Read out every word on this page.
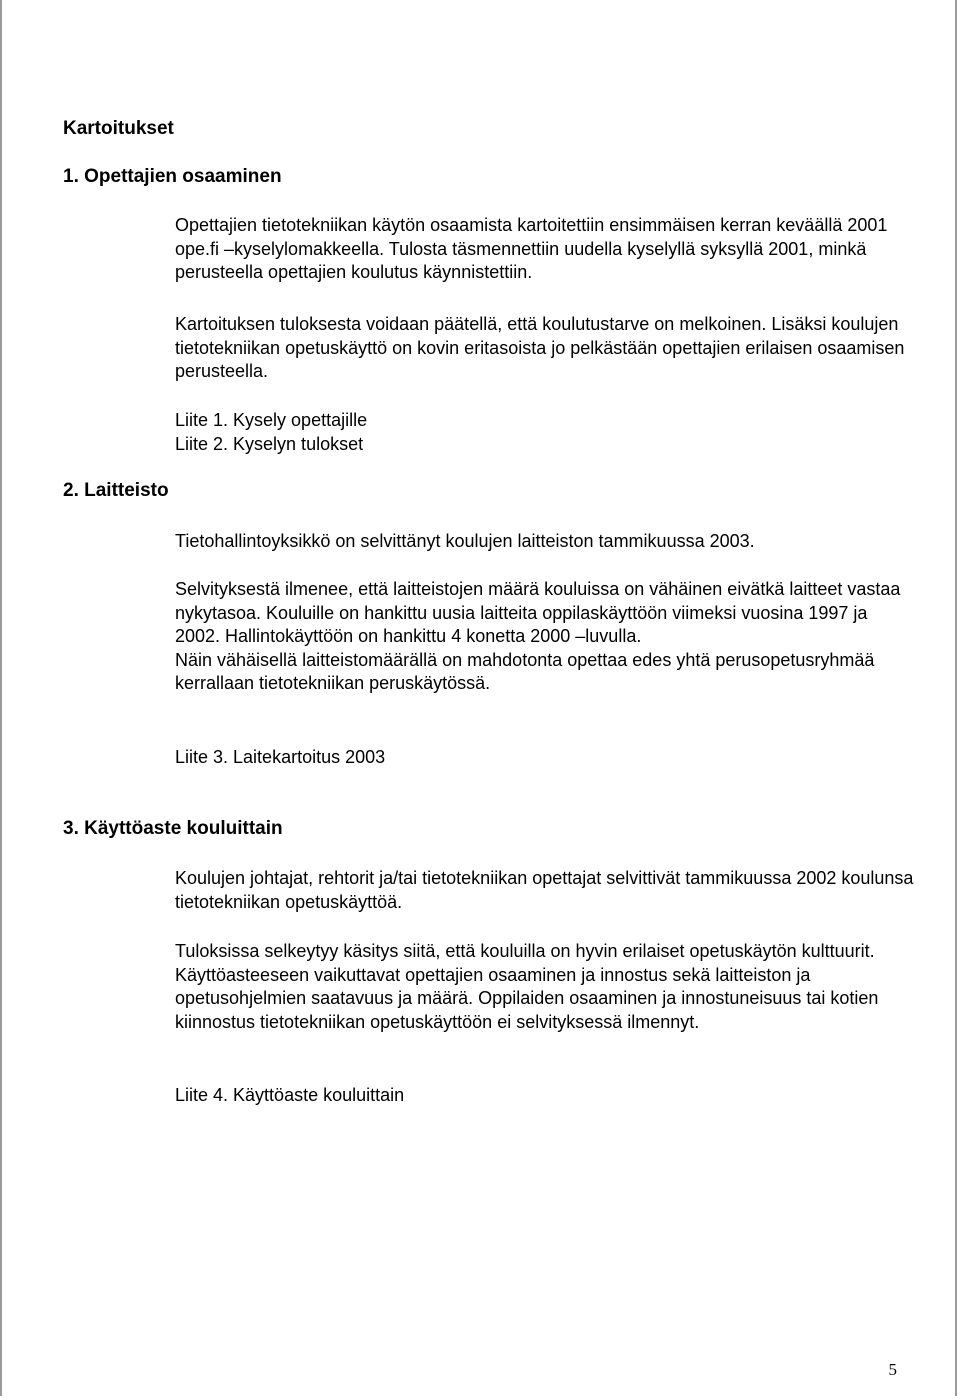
Kartoitukset
1. Opettajien osaaminen

Opettajien tietotekniikan käytön osaamista kartoitettiin ensimmäisen kerran keväällä 2001 ope.fi –kyselylomakkeella. Tulosta täsmennettiin uudella kyselyllä syksyllä 2001, minkä perusteella opettajien koulutus käynnistettiin.

Kartoituksen tuloksesta voidaan päätellä, että koulutustarve on melkoinen. Lisäksi koulujen tietotekniikan opetuskäyttö on kovin eritasoista jo pelkästään opettajien erilaisen osaamisen perusteella.

Liite 1. Kysely opettajille

Liite 2. Kyselyn tulokset

2. Laitteisto

Tietohallintoyksikkö on selvittänyt koulujen laitteiston tammikuussa 2003.

Selvityksestä ilmenee, että laitteistojen määrä kouluissa on vähäinen eivätkä laitteet vastaa nykytasoa. Kouluille on hankittu uusia laitteita oppilaskäyttöön viimeksi vuosina 1997 ja 2002. Hallintokäyttöön on hankittu 4 konetta 2000 –luvulla.

Näin vähäisellä laitteistomäärällä on mahdotonta opettaa edes yhtä perusopetusryhmää kerrallaan tietotekniikan peruskäytössä.

Liite 3. Laitekartoitus 2003

3. Käyttöaste kouluittain

Koulujen johtajat, rehtorit ja/tai tietotekniikan opettajat selvittivät tammikuussa 2002 koulunsa tietotekniikan opetuskäyttöä.

Tuloksissa selkeytyy käsitys siitä, että kouluilla on hyvin erilaiset opetuskäytön kulttuurit. Käyttöasteeseen vaikuttavat opettajien osaaminen ja innostus sekä laitteiston ja opetusohjelmien saatavuus ja määrä. Oppilaiden osaaminen ja innostuneisuus tai kotien kiinnostus tietotekniikan opetuskäyttöön ei selvityksessä ilmennyt.

Liite 4. Käyttöaste kouluittain

5
